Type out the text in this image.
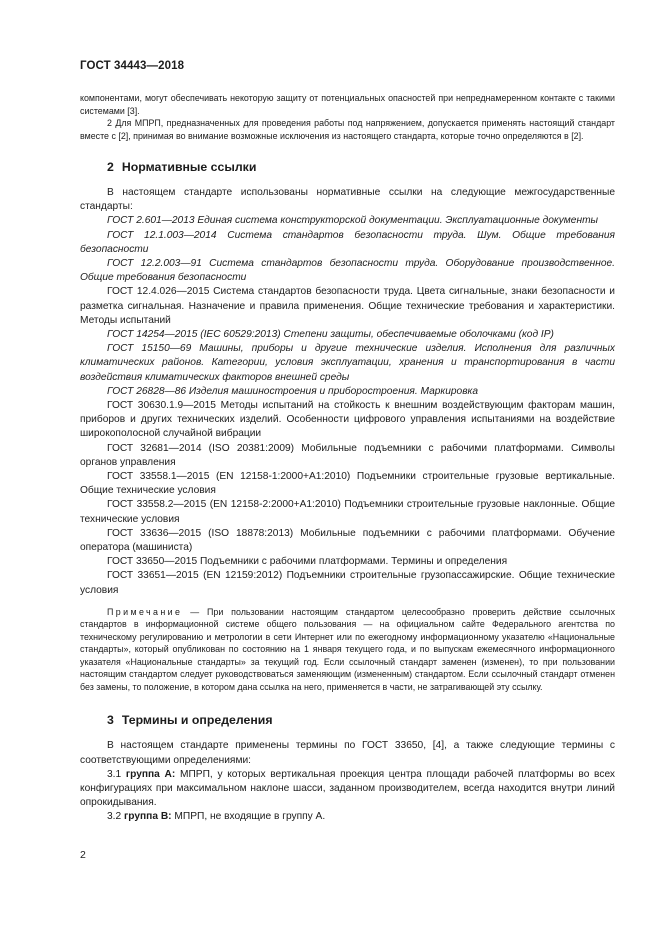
ГОСТ 34443—2018

компонентами, могут обеспечивать некоторую защиту от потенциальных опасностей при непреднамеренном контакте с такими системами [3].

2 Для МПРП, предназначенных для проведения работы под напряжением, допускается применять настоящий стандарт вместе с [2], принимая во внимание возможные исключения из настоящего стандарта, которые точно определяются в [2].

2 Нормативные ссылки

В настоящем стандарте использованы нормативные ссылки на следующие межгосударственные стандарты:

ГОСТ 2.601—2013 Единая система конструкторской документации. Эксплуатационные документы

ГОСТ 12.1.003—2014 Система стандартов безопасности труда. Шум. Общие требования безопасности

ГОСТ 12.2.003—91 Система стандартов безопасности труда. Оборудование производственное. Общие требования безопасности

ГОСТ 12.4.026—2015 Система стандартов безопасности труда. Цвета сигнальные, знаки безопасности и разметка сигнальная. Назначение и правила применения. Общие технические требования и характеристики. Методы испытаний

ГОСТ 14254—2015 (IEC 60529:2013) Степени защиты, обеспечиваемые оболочками (код IP)

ГОСТ 15150—69 Машины, приборы и другие технические изделия. Исполнения для различных климатических районов. Категории, условия эксплуатации, хранения и транспортирования в части воздействия климатических факторов внешней среды

ГОСТ 26828—86 Изделия машиностроения и приборостроения. Маркировка

ГОСТ 30630.1.9—2015 Методы испытаний на стойкость к внешним воздействующим факторам машин, приборов и других технических изделий. Особенности цифрового управления испытаниями на воздействие широкополосной случайной вибрации

ГОСТ 32681—2014 (ISO 20381:2009) Мобильные подъемники с рабочими платформами. Символы органов управления

ГОСТ 33558.1—2015 (EN 12158-1:2000+A1:2010) Подъемники строительные грузовые вертикальные. Общие технические условия

ГОСТ 33558.2—2015 (EN 12158-2:2000+A1:2010) Подъемники строительные грузовые наклонные. Общие технические условия

ГОСТ 33636—2015 (ISO 18878:2013) Мобильные подъемники с рабочими платформами. Обучение оператора (машиниста)

ГОСТ 33650—2015 Подъемники с рабочими платформами. Термины и определения

ГОСТ 33651—2015 (EN 12159:2012) Подъемники строительные грузопассажирские. Общие технические условия

Примечание — При пользовании настоящим стандартом целесообразно проверить действие ссылочных стандартов в информационной системе общего пользования — на официальном сайте Федерального агентства по техническому регулированию и метрологии в сети Интернет или по ежегодному информационному указателю «Национальные стандарты», который опубликован по состоянию на 1 января текущего года, и по выпускам ежемесячного информационного указателя «Национальные стандарты» за текущий год. Если ссылочный стандарт заменен (изменен), то при пользовании настоящим стандартом следует руководствоваться заменяющим (измененным) стандартом. Если ссылочный стандарт отменен без замены, то положение, в котором дана ссылка на него, применяется в части, не затрагивающей эту ссылку.

3 Термины и определения

В настоящем стандарте применены термины по ГОСТ 33650, [4], а также следующие термины с соответствующими определениями:

3.1 группа А: МПРП, у которых вертикальная проекция центра площади рабочей платформы во всех конфигурациях при максимальном наклоне шасси, заданном производителем, всегда находится внутри линий опрокидывания.

3.2 группа В: МПРП, не входящие в группу А.

2
